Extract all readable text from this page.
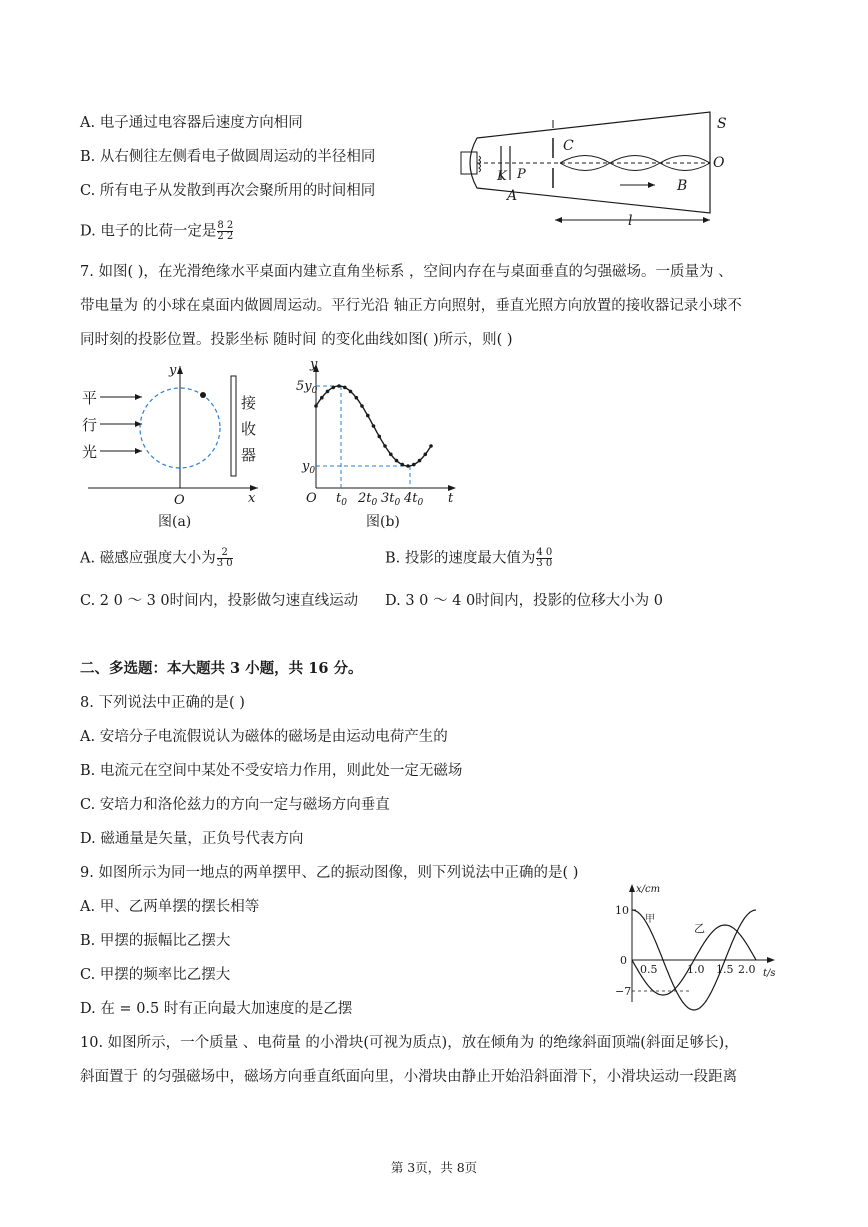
A. 电子通过电容器后速度方向相同
B. 从右侧往左侧看电子做圆周运动的半径相同
C. 所有电子从发散到再次会聚所用的时间相同
D. 电子的比荷一定是 $\frac{8 2}{2 2}$
S
C
O
K P
B
A
l
7. 如图( )，在光滑绝缘水平桌面内建立直角坐标系 ，空间内存在与桌面垂直的匀强磁场。一质量为 、
带电量为 的小球在桌面内做圆周运动。平行光沿 轴正方向照射，垂直光照方向放置的接收器记录小球不
同时刻的投影位置。投影坐标 随时间 的变化曲线如图( )所示，则( )
平
行
光
接
收
器
y
x
O
图(a)
y
t
O
$5y_0$
$y_0$
$t_0$ $2t_0$ $3t_0$ $4t_0$
图(b)
A. 磁感应强度大小为 $\frac{2}{3 0}$	B. 投影的速度最大值为 $\frac{4 0}{3 0}$
C. 2 0 ～ 3 0时间内，投影做匀速直线运动 D. 3 0 ～ 4 0时间内，投影的位移大小为 0
二、多选题：本大题共 3 小题，共 16 分。
8. 下列说法中正确的是( )
A. 安培分子电流假说认为磁体的磁场是由运动电荷产生的
B. 电流元在空间中某处不受安培力作用，则此处一定无磁场
C. 安培力和洛伦兹力的方向一定与磁场方向垂直
D. 磁通量是矢量，正负号代表方向
9. 如图所示为同一地点的两单摆甲、乙的振动图像，则下列说法中正确的是( )
A. 甲、乙两单摆的摆长相等
B. 甲摆的振幅比乙摆大
C. 甲摆的频率比乙摆大
D. 在 = 0.5 时有正向最大加速度的是乙摆
x/cm
t/s
0
10
−7
0.5	1.0 1.5 2.0
甲
乙
10. 如图所示，一个质量 、电荷量 的小滑块(可视为质点)，放在倾角为 的绝缘斜面顶端(斜面足够长)，
斜面置于 的匀强磁场中，磁场方向垂直纸面向里，小滑块由静止开始沿斜面滑下，小滑块运动一段距离
第 3页，共 8页
